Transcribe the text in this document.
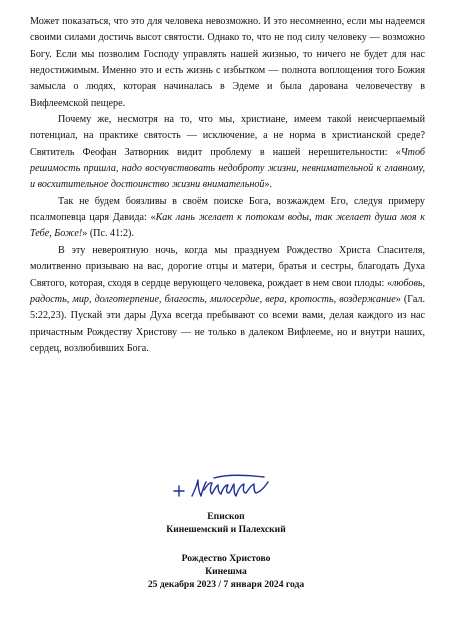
Может показаться, что это для человека невозможно. И это несомненно, если мы надеемся своими силами достичь высот святости. Однако то, что не под силу человеку — возможно Богу. Если мы позволим Господу управлять нашей жизнью, то ничего не будет для нас недостижимым. Именно это и есть жизнь с избытком — полнота воплощения того Божия замысла о людях, которая начиналась в Эдеме и была дарована человечеству в Вифлеемской пещере.

Почему же, несмотря на то, что мы, христиане, имеем такой неисчерпаемый потенциал, на практике святость — исключение, а не норма в христианской среде? Святитель Феофан Затворник видит проблему в нашей нерешительности: «Чтоб решимость пришла, надо восчувствовать недоброту жизни, невнимательной к главному, и восхитительное достоинство жизни внимательной».

Так не будем боязливы в своём поиске Бога, возжаждем Его, следуя примеру псалмопевца царя Давида: «Как лань желает к потокам воды, так желает душа моя к Тебе, Боже!» (Пс. 41:2).

В эту невероятную ночь, когда мы празднуем Рождество Христа Спасителя, молитвенно призываю на вас, дорогие отцы и матери, братья и сестры, благодать Духа Святого, которая, сходя в сердце верующего человека, рождает в нем свои плоды: «любовь, радость, мир, долготерпение, благость, милосердие, вера, кротость, воздержание» (Гал. 5:22,23). Пускай эти дары Духа всегда пребывают со всеми вами, делая каждого из нас причастным Рождеству Христову — не только в далеком Вифлееме, но и внутри наших, сердец, возлюбивших Бога.

Епископ
Кинешемский и Палехский
Рождество Христово
Кинешма
25 декабря 2023 / 7 января 2024 года
